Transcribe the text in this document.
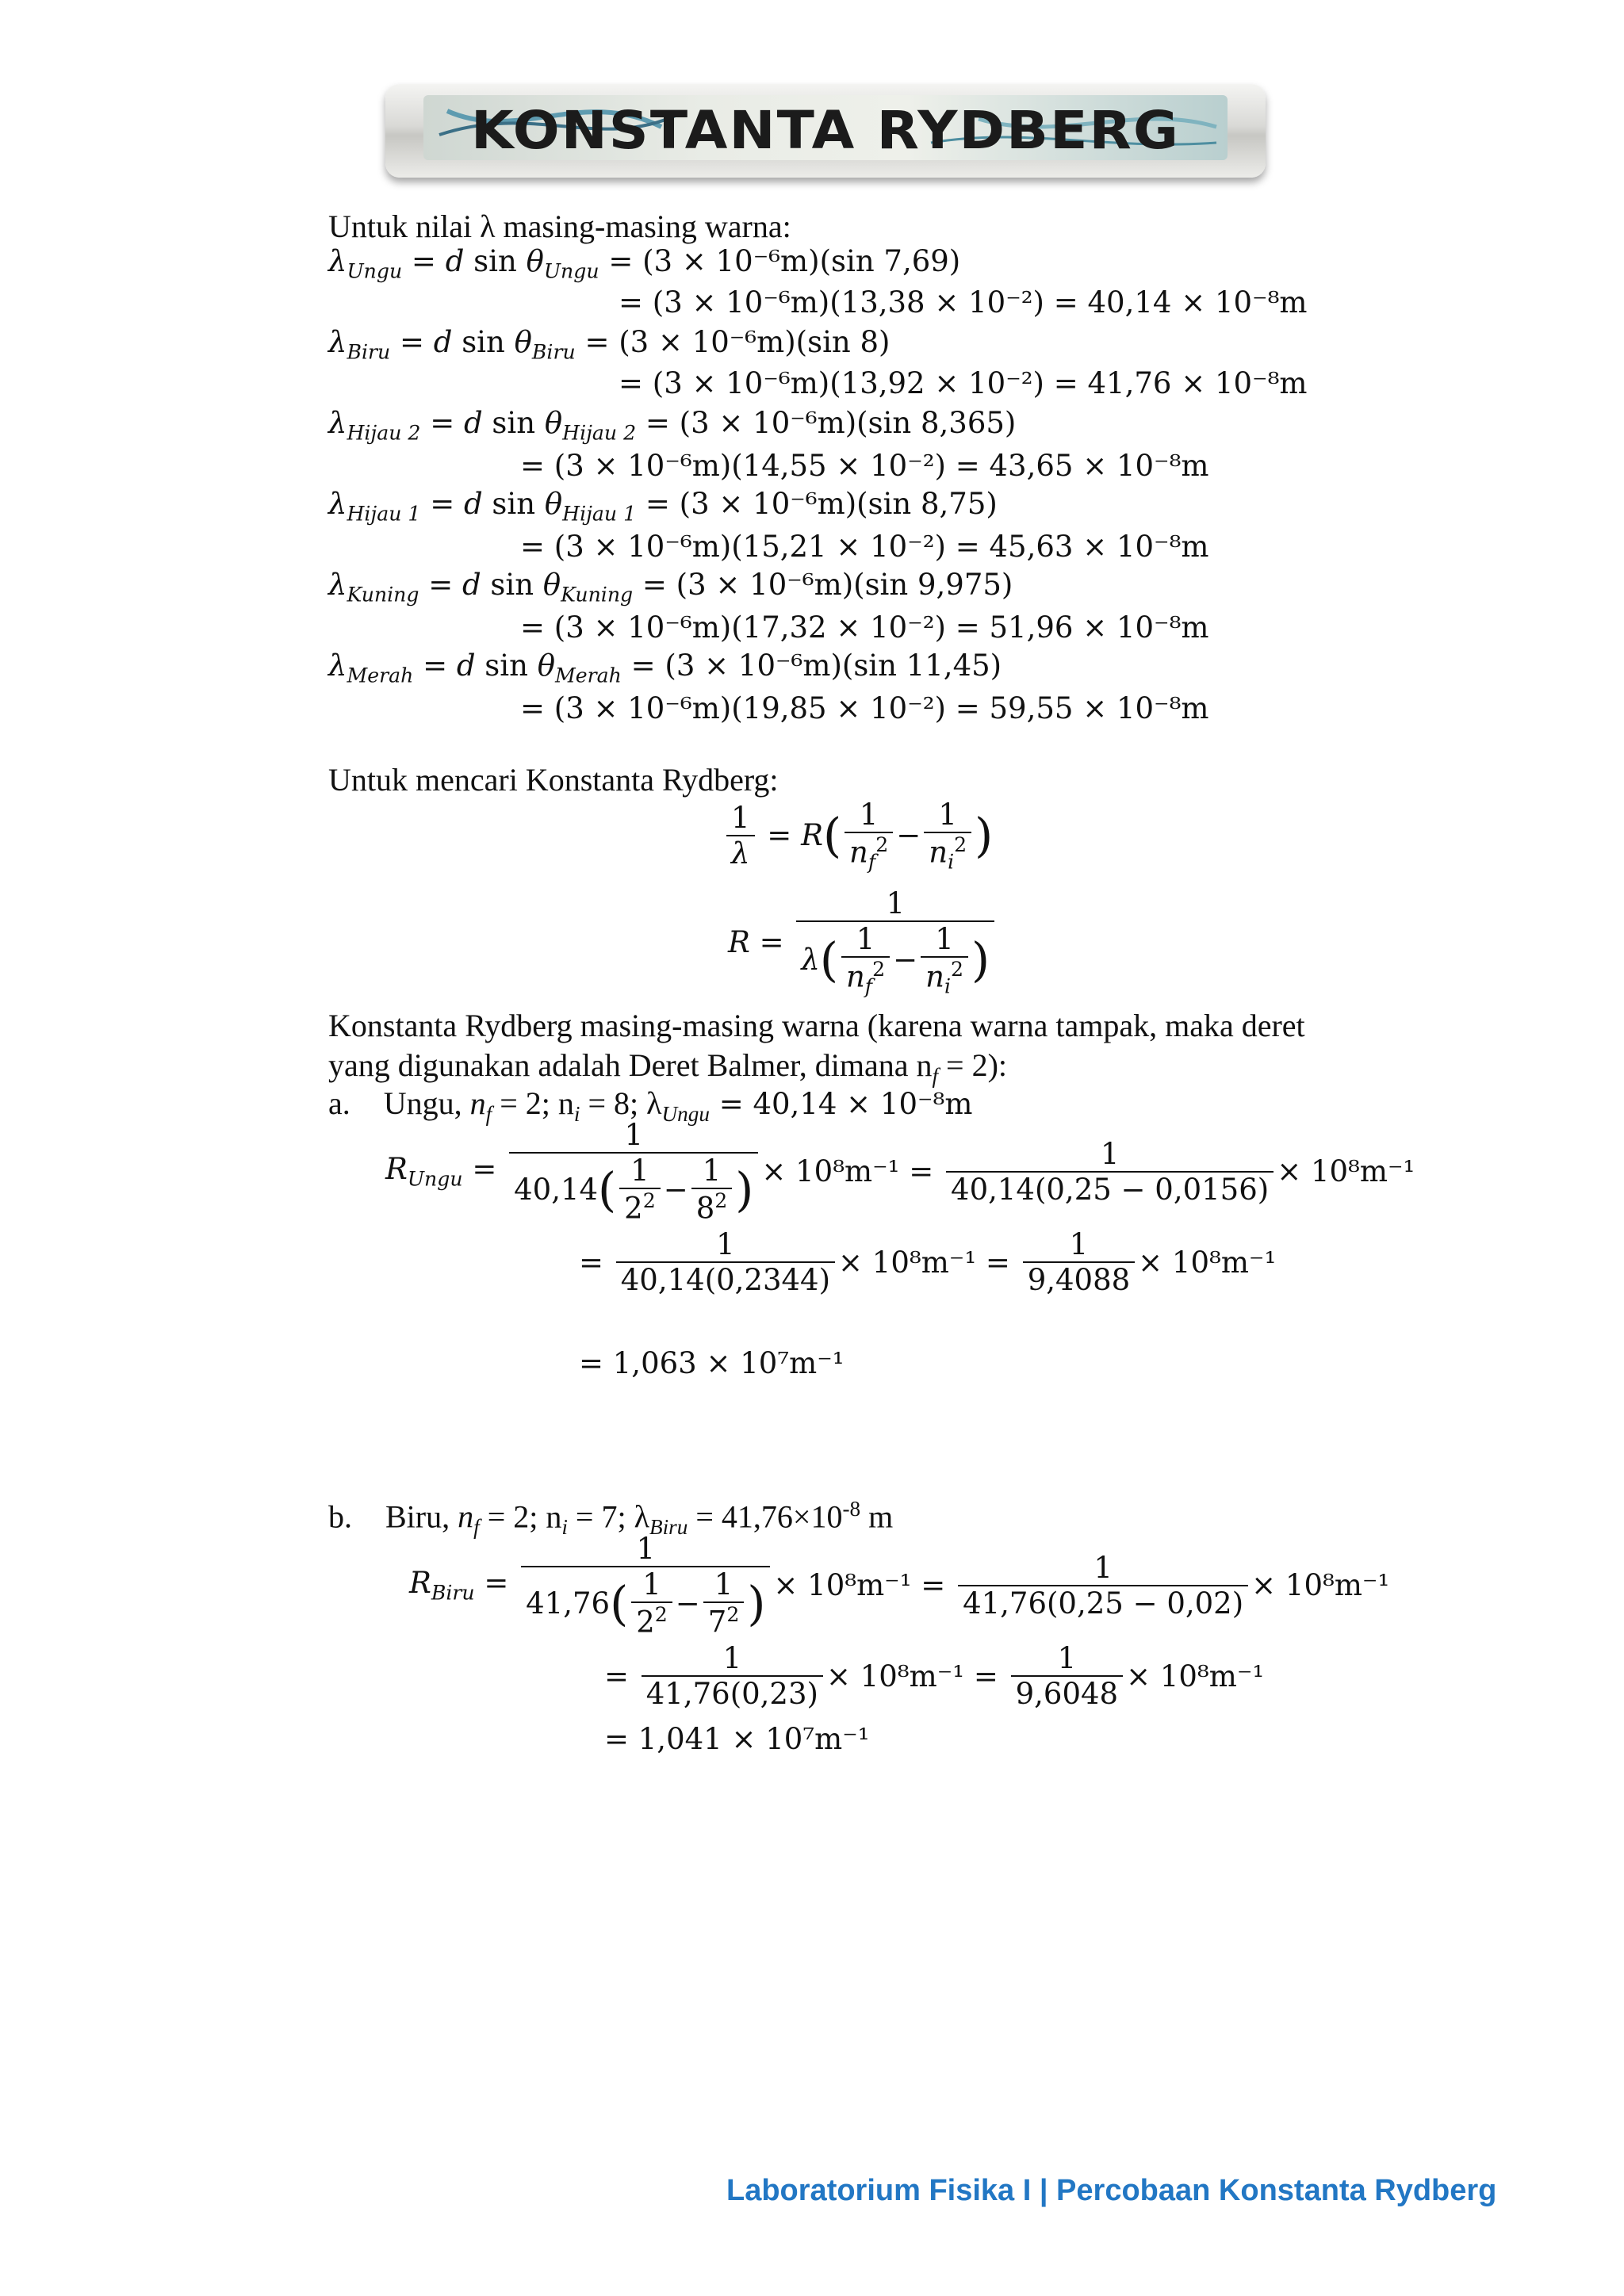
KONSTANTA RYDBERG
Untuk nilai λ masing-masing warna:
$\lambda_{Ungu} = d$ $\sin \theta_{Ungu} = (3 \times 10^{-6}m)(\sin$ 7,69)
= (3 × 10⁻⁶m)(13,38 × 10⁻²) = 40,14 × 10⁻⁸m
$\lambda_{Biru} = d$ $\sin \theta_{Biru} = (3 \times 10^{-6}m)(\sin$ 8)
= (3 × 10⁻⁶m)(13,92 × 10⁻²) = 41,76 × 10⁻⁸m
$\lambda_{Hijau 2} = d$ $\sin \theta_{Hijau 2} = (3 \times 10^{-6}m)(\sin$ 8,365)
= (3 × 10⁻⁶m)(14,55 × 10⁻²) = 43,65 × 10⁻⁸m
$\lambda_{Hijau 1} = d$ $\sin \theta_{Hijau 1} = (3 \times 10^{-6}m)(\sin$ 8,75)
= (3 × 10⁻⁶m)(15,21 × 10⁻²) = 45,63 × 10⁻⁸m
$\lambda_{Kuning} = d$ $\sin \theta_{Kuning} = (3 \times 10^{-6}m)(\sin$ 9,975)
= (3 × 10⁻⁶m)(17,32 × 10⁻²) = 51,96 × 10⁻⁸m
$\lambda_{Merah} = d$ $\sin \theta_{Merah} = (3 \times 10^{-6}m)(\sin$ 11,45)
= (3 × 10⁻⁶m)(19,85 × 10⁻²) = 59,55 × 10⁻⁸m
Untuk mencari Konstanta Rydberg:
$\frac{1}{\lambda} = R$ ( $\frac{1}{n_f^2} - \frac{1}{n_i^2}$ )
R =
1
λ ( $\frac{1}{n_f^2} - \frac{1}{n_i^2}$ )
Konstanta Rydberg masing-masing warna (karena warna tampak, maka deret
yang digunakan adalah Deret Balmer, dimana $n_f = 2$):
a. Ungu, $n_f = 2$; $n_i = 8$; $\lambda_{Ungu} = 40,14 \times 10^{-8}m$
$R_{Ungu} = \frac{1}{40,14 ( \frac{1}{2^2} - \frac{1}{8^2} )} \times 10^8m^{-1} = \frac{1}{40,14(0,25 - 0,0156)} \times 10^8m^{-1}$
= $\frac{1}{40,14(0,2344)} \times 10^8m^{-1} = \frac{1}{9,4088} \times 10^8m^{-1}$
= 1,063 × 10⁷m⁻¹
b. Biru, $n_f = 2$; $n_i = 7$; $\lambda_{Biru} = 41,76\times 10^{-8}$ m
$R_{Biru} = \frac{1}{41,76 ( \frac{1}{2^2} - \frac{1}{7^2} )} \times 10^8m^{-1} = \frac{1}{41,76(0,25 - 0,02)} \times 10^8m^{-1}$
= $\frac{1}{41,76(0,23)} \times 10^8m^{-1} = \frac{1}{9,6048} \times 10^8m^{-1}$
= 1,041 × 10⁷m⁻¹
Laboratorium Fisika I | Percobaan Konstanta Rydberg
